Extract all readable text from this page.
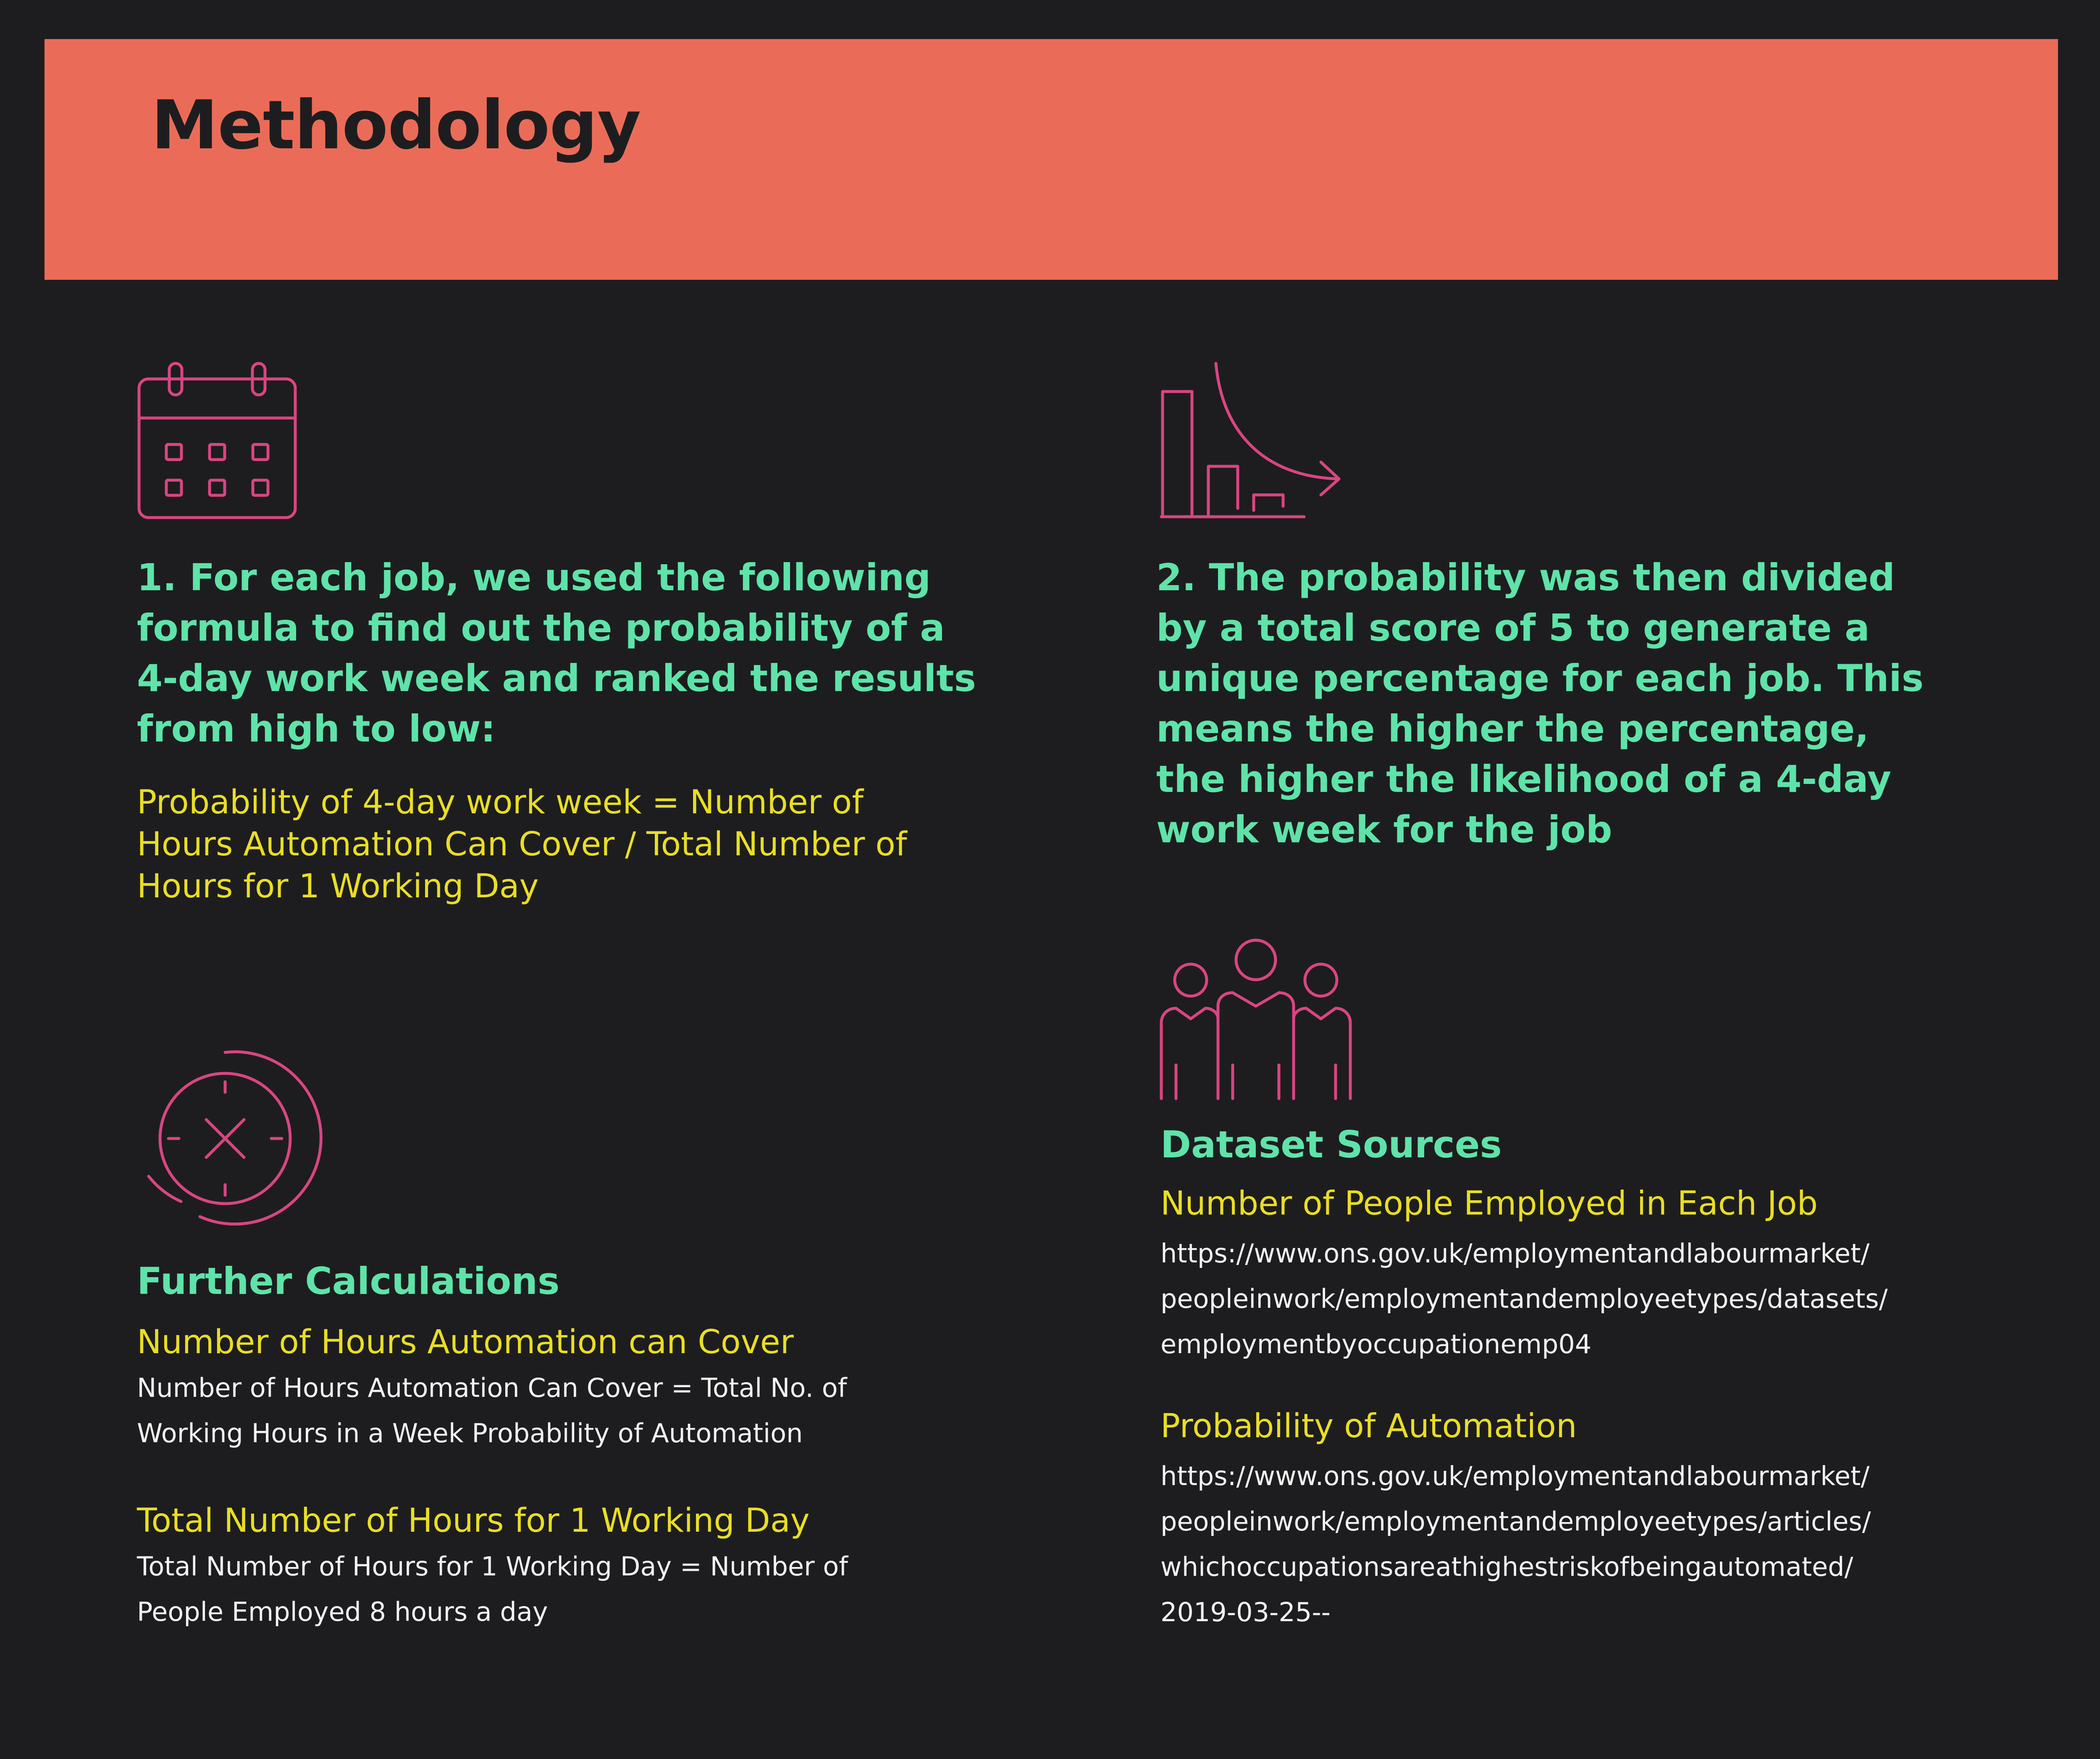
Methodology
1. For each job, we used the following
formula to find out the probability of a
4-day work week and ranked the results
from high to low:
Probability of 4-day work week = Number of
Hours Automation Can Cover / Total Number of
Hours for 1 Working Day
2. The probability was then divided
by a total score of 5 to generate a
unique percentage for each job. This
means the higher the percentage,
the higher the likelihood of a 4-day
work week for the job
Further Calculations
Number of Hours Automation can Cover
Number of Hours Automation Can Cover = Total No. of
Working Hours in a Week Probability of Automation
Total Number of Hours for 1 Working Day
Total Number of Hours for 1 Working Day = Number of
People Employed 8 hours a day
Dataset Sources
Number of People Employed in Each Job
https://www.ons.gov.uk/employmentandlabourmarket/
peopleinwork/employmentandemployeetypes/datasets/
employmentbyoccupationemp04
Probability of Automation
https://www.ons.gov.uk/employmentandlabourmarket/
peopleinwork/employmentandemployeetypes/articles/
whichoccupationsareathighestriskofbeingautomated/
2019-03-25--
